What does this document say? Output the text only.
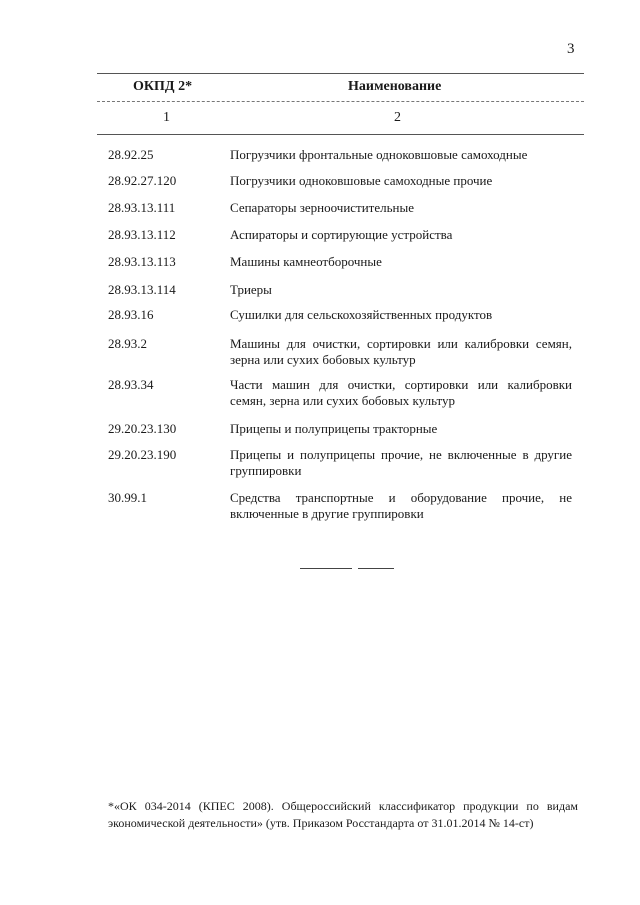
3
ОКПД 2*	Наименование
1	2
28.92.25	Погрузчики фронтальные одноковшовые самоходные
28.92.27.120	Погрузчики одноковшовые самоходные прочие
28.93.13.111	Сепараторы зерноочистительные
28.93.13.112	Аспираторы и сортирующие устройства
28.93.13.113	Машины камнеотборочные
28.93.13.114	Триеры
28.93.16	Сушилки для сельскохозяйственных продуктов
28.93.2	Машины для очистки, сортировки или калибровки семян, зерна или сухих бобовых культур
28.93.34	Части машин для очистки, сортировки или калибровки семян, зерна или сухих бобовых культур
29.20.23.130	Прицепы и полуприцепы тракторные
29.20.23.190	Прицепы и полуприцепы прочие, не включенные в другие группировки
30.99.1	Средства транспортные и оборудование прочие, не включенные в другие группировки
*«ОК 034-2014 (КПЕС 2008). Общероссийский классификатор продукции по видам экономической деятельности» (утв. Приказом Росстандарта от 31.01.2014 № 14-ст)
